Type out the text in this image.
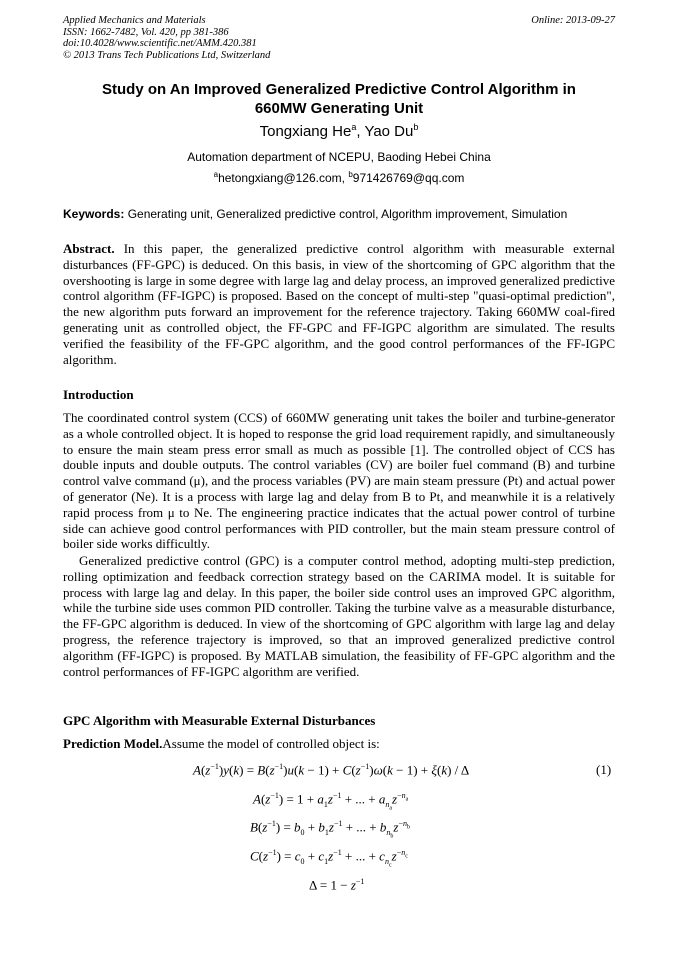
Applied Mechanics and Materials
ISSN: 1662-7482, Vol. 420, pp 381-386
doi:10.4028/www.scientific.net/AMM.420.381
© 2013 Trans Tech Publications Ltd, Switzerland
Online: 2013-09-27
Study on An Improved Generalized Predictive Control Algorithm in
660MW Generating Unit
Tongxiang He$^a$, Yao Du$^b$
Automation department of NCEPU, Baoding Hebei China
$^a$hetongxiang@126.com, $^b$971426769@qq.com
Keywords: Generating unit, Generalized predictive control, Algorithm improvement, Simulation
Abstract. In this paper, the generalized predictive control algorithm with measurable external disturbances (FF-GPC) is deduced. On this basis, in view of the shortcoming of GPC algorithm that the overshooting is large in some degree with large lag and delay process, an improved generalized predictive control algorithm (FF-IGPC) is proposed. Based on the concept of multi-step "quasi-optimal prediction", the new algorithm puts forward an improvement for the reference trajectory. Taking 660MW coal-fired generating unit as controlled object, the FF-GPC and FF-IGPC algorithm are simulated. The results verified the feasibility of the FF-GPC algorithm, and the good control performances of the FF-IGPC algorithm.
Introduction
The coordinated control system (CCS) of 660MW generating unit takes the boiler and turbine-generator as a whole controlled object. It is hoped to response the grid load requirement rapidly, and simultaneously to ensure the main steam press error small as much as possible [1]. The controlled object of CCS has double inputs and double outputs. The control variables (CV) are boiler fuel command (B) and turbine control valve command (μ), and the process variables (PV) are main steam pressure (Pt) and actual power of generator (Ne). It is a process with large lag and delay from B to Pt, and meanwhile it is a relatively rapid process from μ to Ne. The engineering practice indicates that the actual power control of turbine side can achieve good control performances with PID controller, but the main steam pressure control of boiler side works difficultly.
Generalized predictive control (GPC) is a computer control method, adopting multi-step prediction, rolling optimization and feedback correction strategy based on the CARIMA model. It is suitable for process with large lag and delay. In this paper, the boiler side control uses an improved GPC algorithm, while the turbine side uses common PID controller. Taking the turbine valve as a measurable disturbance, the FF-GPC algorithm is deduced. In view of the shortcoming of GPC algorithm with large lag and delay progress, the reference trajectory is improved, so that an improved generalized predictive control algorithm (FF-IGPC) is proposed. By MATLAB simulation, the feasibility of FF-GPC algorithm and the control performances of FF-IGPC algorithm are verified.
GPC Algorithm with Measurable External Disturbances
Prediction Model.Assume the model of controlled object is:
$A(z^{-1})y(k) = B(z^{-1})u(k - 1) + C(z^{-1})\omega(k - 1) + \xi(k) / \Delta$	(1)
$A(z^{-1}) = 1 + a_1z^{-1}$ + ... + $a_{n_a}z^{-n_a}$
$B(z^{-1}) = b_0 + b_1z^{-1}$ + ... + $b_{n_b}z^{-n_b}$
$C(z^{-1}) = c_0 + c_1z^{-1}$ + ... + $c_{n_c}z^{-n_c}$
$\Delta = 1 - z^{-1}$
